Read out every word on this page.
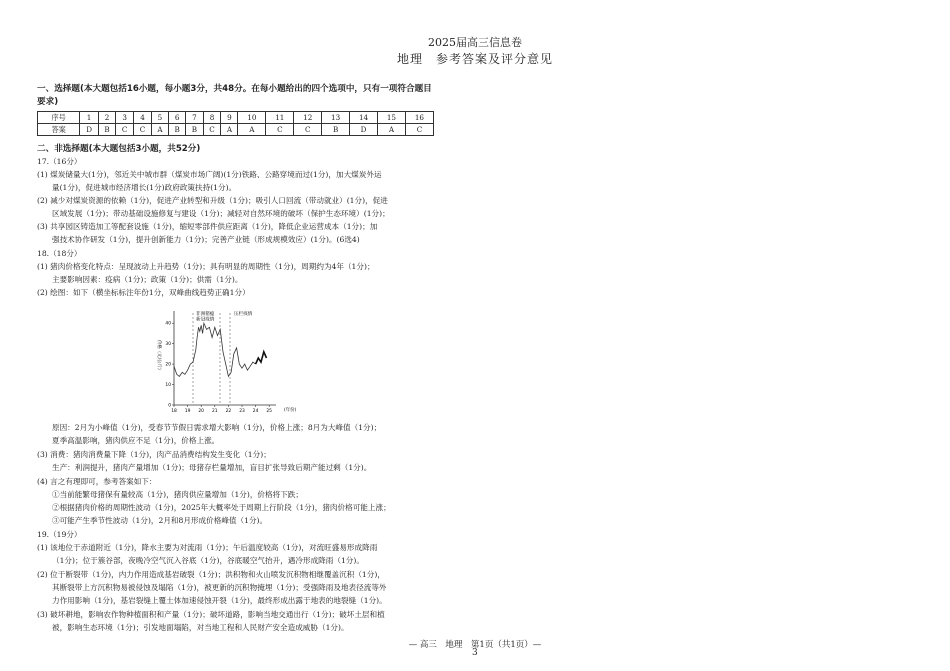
2025届高三信息卷
地理　参考答案及评分意见
一、选择题(本大题包括16小题，每小题3分，共48分。在每小题给出的四个选项中，只有一项符合题目
要求)
序号	1	2	3	4	5	6	7	8	9	10	11	12	13	14	15	16
答案	D	B	C	C	A	B	B	C	A	A	C	C	B	D	A	C
二、非选择题(本大题包括3小题，共52分)
17.（16分）
(1) 煤炭储量大(1分)，邻近关中城市群（煤炭市场广阔)(1分)铁路、公路穿境而过(1分)，加大煤炭外运
量(1分)，促进城市经济增长(1分)政府政策扶持(1分)。
(2) 减少对煤炭资源的依赖（1分)，促进产业转型和升级（1分)；吸引人口回流（带动就业）(1分)，促进
区域发展（1分)；带动基础设施修复与建设（1分)；减轻对自然环境的破坏（保护生态环境）(1分)；
(3) 共享园区铸造加工等配套设施（1分)，缩短零部件供应距离（1分)，降低企业运营成本（1分)；加
强技术协作研发（1分)，提升创新能力（1分)；完善产业链（形成规模效应）(1分)。(6选4)
18.（18分）
(1) 猪肉价格变化特点：呈现波动上升趋势（1分)；具有明显的周期性（1分)，周期约为4年（1分)；
主要影响因素：疫病（1分)；政策（1分)；供需（1分)。
(2) 绘图：如下（横坐标标注年份1分，双峰曲线趋势正确1分）
非洲猪瘟新冠疫情
压栏疫情
价格（元/公斤）
(年份)
0
10
20
30
40
18 19 20 21 22 23 24 25
原因：2月为小峰值（1分)，受春节节假日需求增大影响（1分)，价格上涨；8月为大峰值（1分)；
夏季高温影响，猪肉供应不足（1分)，价格上涨。
(3) 消费：猪肉消费量下降（1分)，肉产品消费结构发生变化（1分)；
生产：利润提升，猪肉产量增加（1分)；母猪存栏量增加，盲目扩张导致后期产能过剩（1分)。
(4) 言之有理即可，参考答案如下：
①当前能繁母猪保有量较高（1分)，猪肉供应量增加（1分)，价格将下跌；
②根据猪肉价格的周期性波动（1分)，2025年大概率处于周期上行阶段（1分)，猪肉价格可能上涨；
③可能产生季节性波动（1分)，2月和8月形成价格峰值（1分)。
19.（19分）
(1) 该地位于赤道附近（1分)，降水主要为对流雨（1分)；午后温度较高（1分)，对流旺盛易形成降雨
（1分)；位于簇谷部，夜晚冷空气沉入谷底（1分)，谷底暖空气抬升，遇冷形成降雨（1分)。
(2) 位于断裂带（1分)，内力作用造成基岩破裂（1分)；洪积物和火山喷发沉积物相继覆盖沉积（1分)，
其断裂带上方沉积物易被侵蚀及塌陷（1分)，被更新的沉积物掩埋（1分)；受强降雨及地表径流等外
力作用影响（1分)，基岩裂缝上覆土体加速侵蚀开裂（1分)，最终形成出露于地表的地裂缝（1分)。
(3) 破坏耕地，影响农作物种植面积和产量（1分)；破坏道路，影响当地交通出行（1分)；破坏土层和植
被，影响生态环境（1分)；引发地面塌陷，对当地工程和人民财产安全造成威胁（1分)。
— 高三　地理　第1页（共1页）—
3
